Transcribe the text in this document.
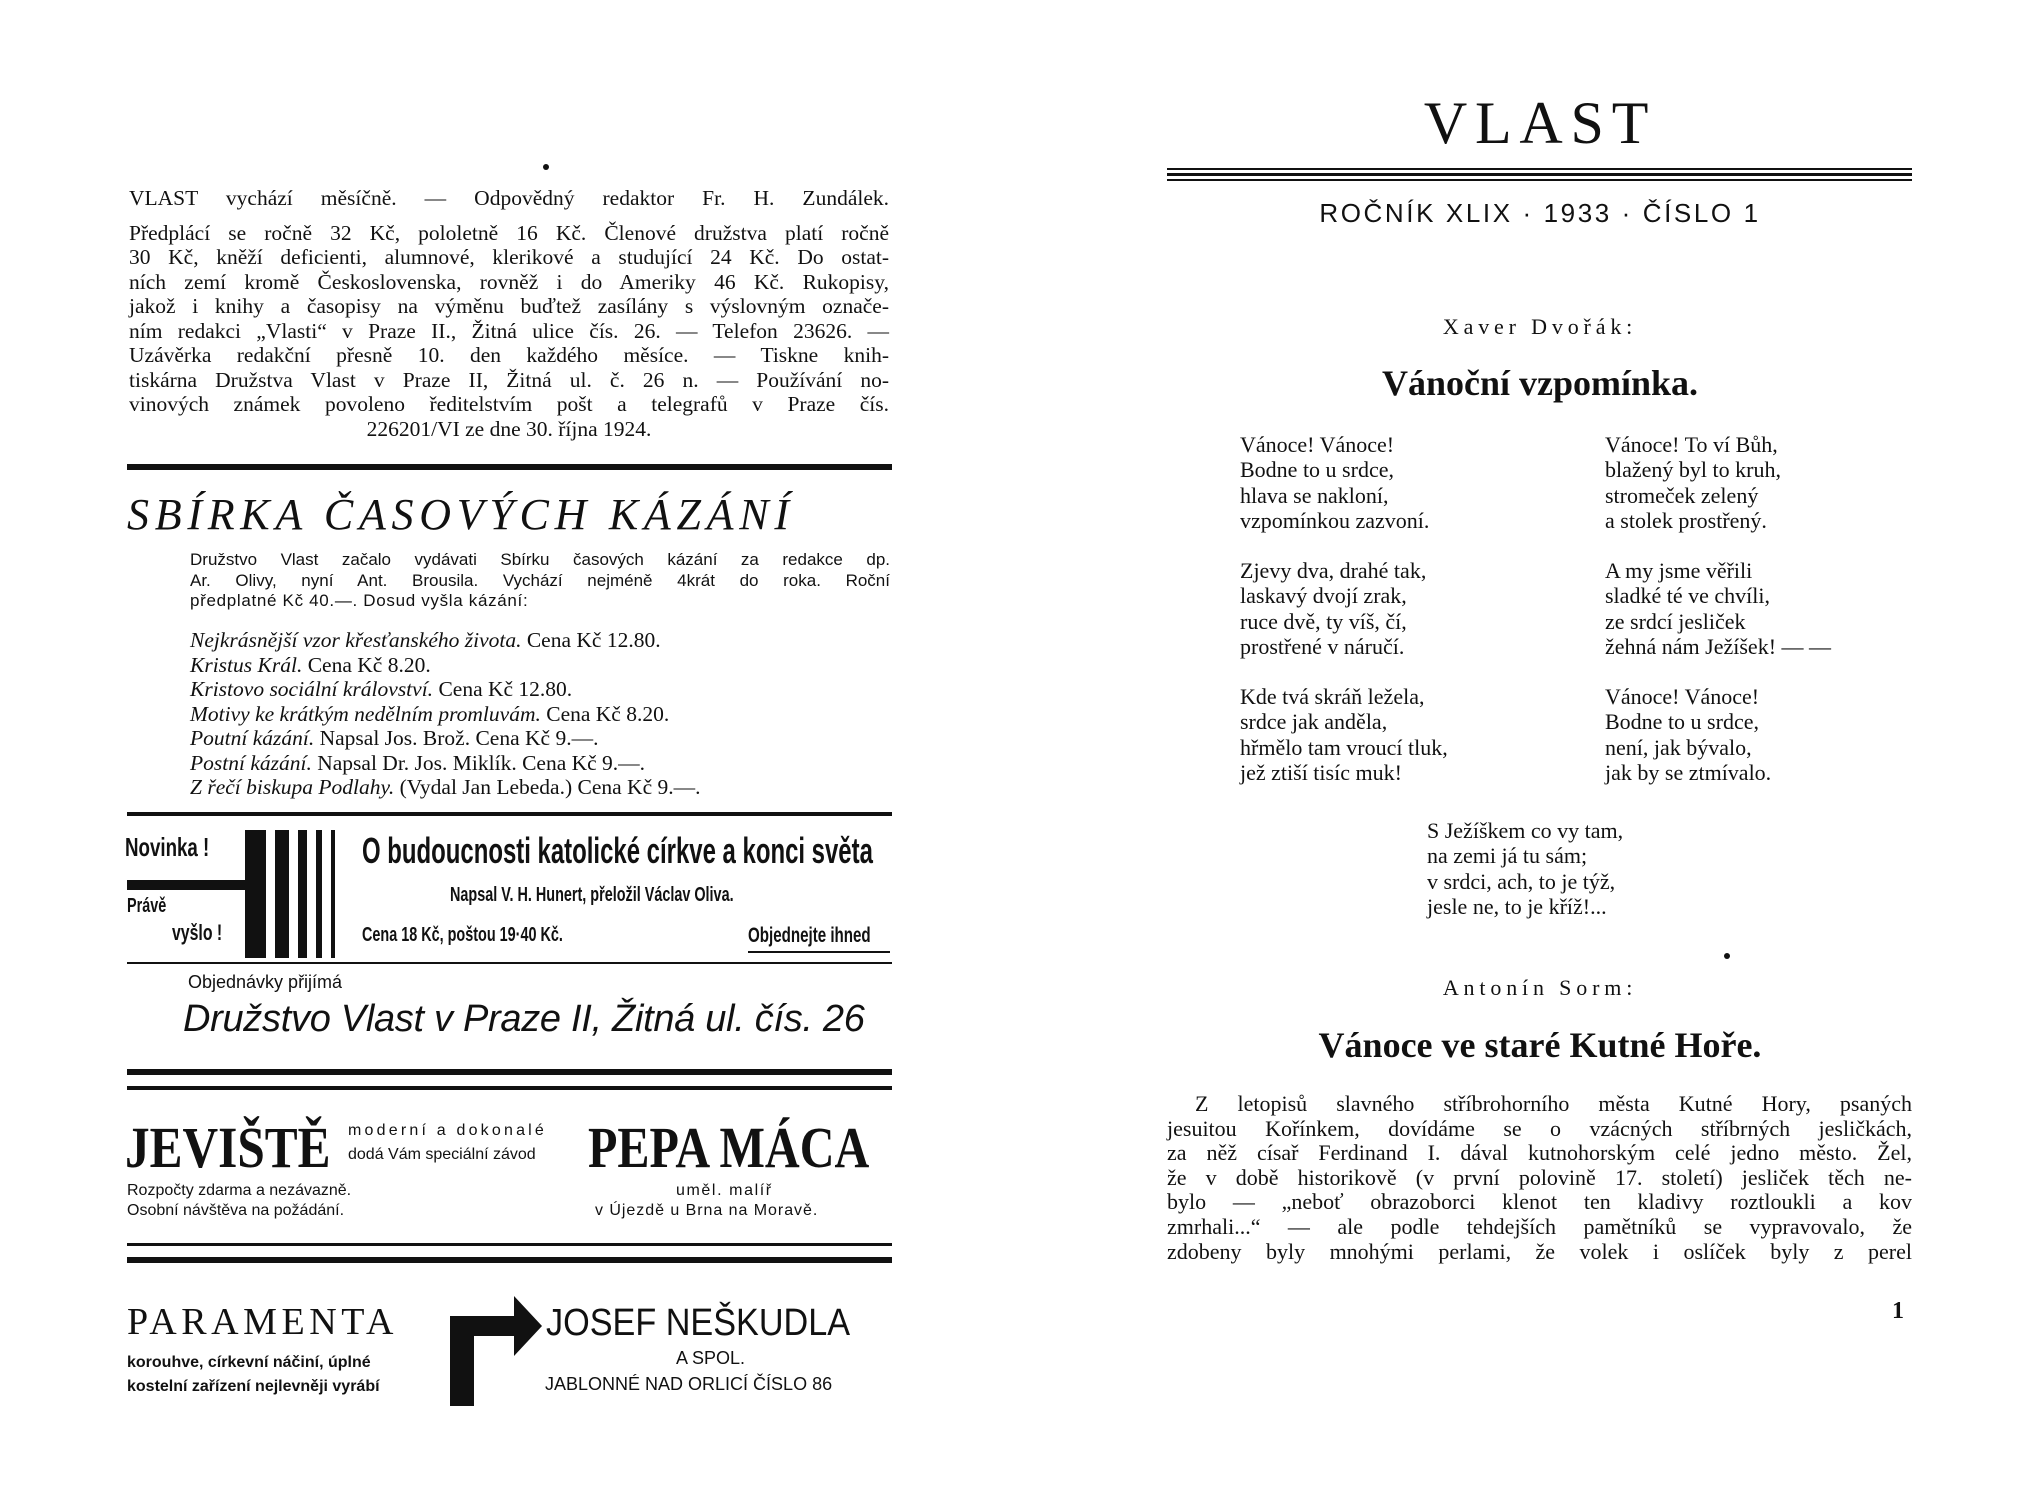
VLAST vychází měsíčně. — Odpovědný redaktor Fr. H. Zundálek.
Předplácí se ročně 32 Kč, pololetně 16 Kč. Členové družstva platí ročně
30 Kč, kněží deficienti, alumnové, klerikové a studující 24 Kč. Do ostat-
ních zemí kromě Československa, rovněž i do Ameriky 46 Kč. Rukopisy,
jakož i knihy a časopisy na výměnu buďtež zasílány s výslovným označe-
ním redakci „Vlasti“ v Praze II., Žitná ulice čís. 26. — Telefon 23626. —
Uzávěrka redakční přesně 10. den každého měsíce. — Tiskne knih-
tiskárna Družstva Vlast v Praze II, Žitná ul. č. 26 n. — Používání no-
vinových známek povoleno ředitelstvím pošt a telegrafů v Praze čís.
226201/VI ze dne 30. října 1924.
SBÍRKA ČASOVÝCH KÁZÁNÍ
Družstvo Vlast začalo vydávati Sbírku časových kázání za redakce dp.
Ar. Olivy, nyní Ant. Brousila. Vychází nejméně 4krát do roka. Roční
předplatné Kč 40.—. Dosud vyšla kázání:
Nejkrásnější vzor křesťanského života. Cena Kč 12.80.
Kristus Král. Cena Kč 8.20.
Kristovo sociální království. Cena Kč 12.80.
Motivy ke krátkým nedělním promluvám. Cena Kč 8.20.
Poutní kázání. Napsal Jos. Brož. Cena Kč 9.—.
Postní kázání. Napsal Dr. Jos. Miklík. Cena Kč 9.—.
Z řečí biskupa Podlahy. (Vydal Jan Lebeda.) Cena Kč 9.—.
Novinka !
Právě
vyšlo !
O budoucnosti katolické církve a konci světa
Napsal V. H. Hunert, přeložil Václav Oliva.
Cena 18 Kč, poštou 19·40 Kč.	Objednejte ihned
Objednávky přijímá
Družstvo Vlast v Praze II, Žitná ul. čís. 26
JEVIŠTĚ moderní a dokonalé
dodá Vám speciální závod PEPA MÁCA
Rozpočty zdarma a nezávazně.
Osobní návštěva na požádání.
uměl. malíř
v Újezdě u Brna na Moravě.
PARAMENTA
korouhve, církevní náčiní, úplné
kostelní zařízení nejlevněji vyrábí
JOSEF NEŠKUDLA
A SPOL.
JABLONNÉ NAD ORLICÍ ČÍSLO 86
VLAST
ROČNÍK XLIX · 1933 · ČÍSLO 1
Xaver Dvořák:
Vánoční vzpomínka.
Vánoce! Vánoce!
Bodne to u srdce,
hlava se nakloní,
vzpomínkou zazvoní.
Zjevy dva, drahé tak,
laskavý dvojí zrak,
ruce dvě, ty víš, čí,
prostřené v náručí.
Kde tvá skráň ležela,
srdce jak anděla,
hřmělo tam vroucí tluk,
jež ztiší tisíc muk!
Vánoce! To ví Bůh,
blažený byl to kruh,
stromeček zelený
a stolek prostřený.
A my jsme věřili
sladké té ve chvíli,
ze srdcí jesliček
žehná nám Ježíšek! — —
Vánoce! Vánoce!
Bodne to u srdce,
není, jak bývalo,
jak by se ztmívalo.
S Ježíškem co vy tam,
na zemi já tu sám;
v srdci, ach, to je týž,
jesle ne, to je kříž!...
Antonín Sorm:
Vánoce ve staré Kutné Hoře.
Z letopisů slavného stříbrohorního města Kutné Hory, psaných
jesuitou Kořínkem, dovídáme se o vzácných stříbrných jesličkách,
za něž císař Ferdinand I. dával kutnohorským celé jedno město. Žel,
že v době historikově (v první polovině 17. století) jesliček těch ne-
bylo — „neboť obrazoborci klenot ten kladivy roztloukli a kov
zmrhali...“ — ale podle tehdejších pamětníků se vypravovalo, že
zdobeny byly mnohými perlami, že volek i oslíček byly z perel
1
